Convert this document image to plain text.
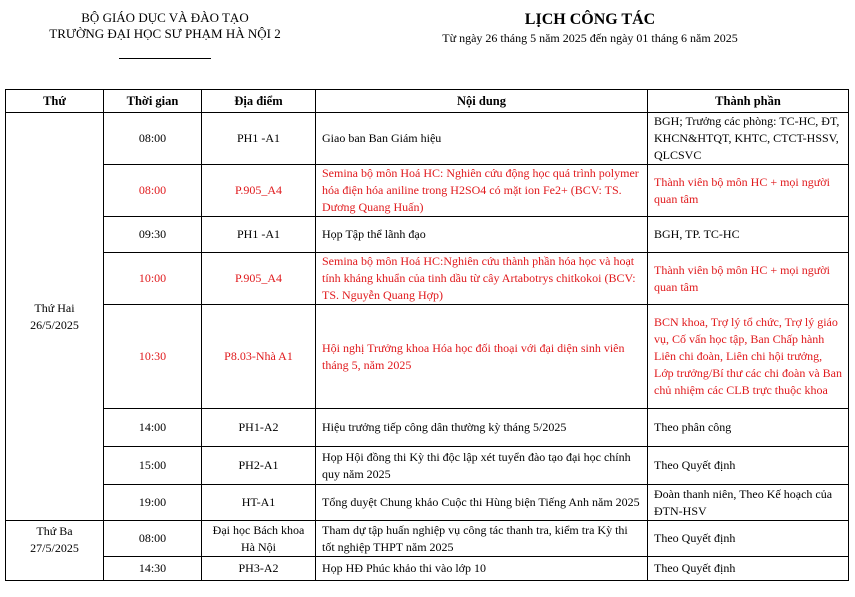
BỘ GIÁO DỤC VÀ ĐÀO TẠO
TRƯỜNG ĐẠI HỌC SƯ PHẠM HÀ NỘI 2
LỊCH CÔNG TÁC
Từ ngày 26 tháng 5 năm 2025 đến ngày 01 tháng 6 năm 2025
Thứ	Thời gian	Địa điểm	Nội dung	Thành phần

Thứ Hai
26/5/2025	08:00	PH1 -A1	Giao ban Ban Giám hiệu	BGH; Trưởng các phòng: TC-HC, ĐT, KHCN&HTQT, KHTC, CTCT-HSSV, QLCSVC
	08:00	P.905_A4	Semina bộ môn Hoá HC: Nghiên cứu động học quá trình polymer hóa điện hóa aniline trong H2SO4 có mặt ion Fe2+ (BCV: TS. Dương Quang Huấn)	Thành viên bộ môn HC + mọi người quan tâm
	09:30	PH1 -A1	Họp Tập thể lãnh đạo	BGH, TP. TC-HC
	10:00	P.905_A4	Semina bộ môn Hoá HC:Nghiên cứu thành phần hóa học và hoạt tính kháng khuẩn của tinh dầu từ cây Artabotrys chitkokoi (BCV: TS. Nguyễn Quang Hợp)	Thành viên bộ môn HC + mọi người quan tâm
	10:30	P8.03-Nhà A1	Hội nghị Trưởng khoa Hóa học đối thoại với đại diện sinh viên tháng 5, năm 2025	BCN khoa, Trợ lý tổ chức, Trợ lý giáo vụ, Cố vấn học tập, Ban Chấp hành Liên chi đoàn, Liên chi hội trưởng, Lớp trưởng/Bí thư các chi đoàn và Ban chủ nhiệm các CLB trực thuộc khoa
	14:00	PH1-A2	Hiệu trưởng tiếp công dân thường kỳ tháng 5/2025	Theo phân công
	15:00	PH2-A1	Họp Hội đồng thi Kỳ thi độc lập xét tuyển đào tạo đại học chính quy năm 2025	Theo Quyết định
	19:00	HT-A1	Tổng duyệt Chung khảo Cuộc thi Hùng biện Tiếng Anh năm 2025	Đoàn thanh niên, Theo Kế hoạch của ĐTN-HSV

Thứ Ba
27/5/2025	08:00	Đại học Bách khoa Hà Nội	Tham dự tập huấn nghiệp vụ công tác thanh tra, kiểm tra Kỳ thi tốt nghiệp THPT năm 2025	Theo Quyết định
	14:30	PH3-A2	Họp HĐ Phúc khảo thi vào lớp 10	Theo Quyết định
